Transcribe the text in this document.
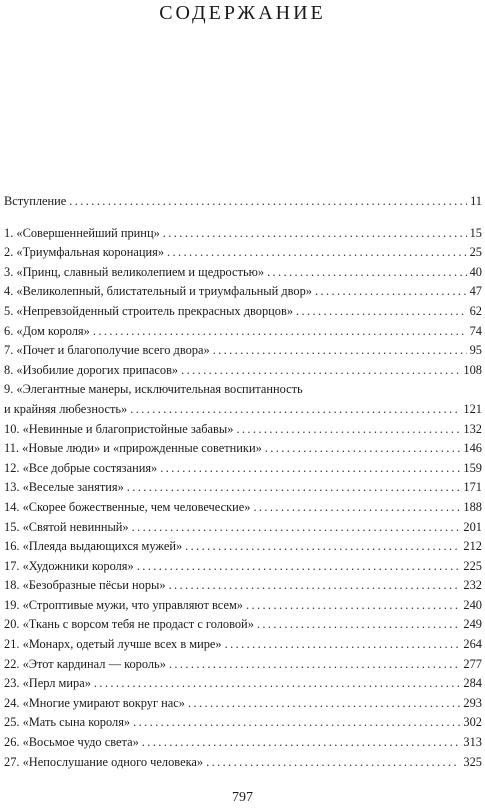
СОДЕРЖАНИЕ
Вступление .....	11
1. «Совершеннейший принц» .....	15
2. «Триумфальная коронация» .....	25
3. «Принц, славный великолепием и щедростью» .....	40
4. «Великолепный, блистательный и триумфальный двор» .....	47
5. «Непревзойденный строитель прекрасных дворцов» .....	62
6. «Дом короля» .....	74
7. «Почет и благополучие всего двора» .....	95
8. «Изобилие дорогих припасов» .....	108
9. «Элегантные манеры, исключительная воспитанность
и крайняя любезность» .....	121
10. «Невинные и благопристойные забавы» .....	132
11. «Новые люди» и «прирожденные советники» .....	146
12. «Все добрые состязания» .....	159
13. «Веселые занятия» .....	171
14. «Скорее божественные, чем человеческие» .....	188
15. «Святой невинный» .....	201
16. «Плеяда выдающихся мужей» .....	212
17. «Художники короля» .....	225
18. «Безобразные пёсьи норы» .....	232
19. «Строптивые мужи, что управляют всем» .....	240
20. «Ткань с ворсом тебя не продаст с головой» .....	249
21. «Монарх, одетый лучше всех в мире» .....	264
22. «Этот кардинал — король» .....	277
23. «Перл мира» .....	284
24. «Многие умирают вокруг нас» .....	293
25. «Мать сына короля» .....	302
26. «Восьмое чудо света» .....	313
27. «Непослушание одного человека» .....	325
797
